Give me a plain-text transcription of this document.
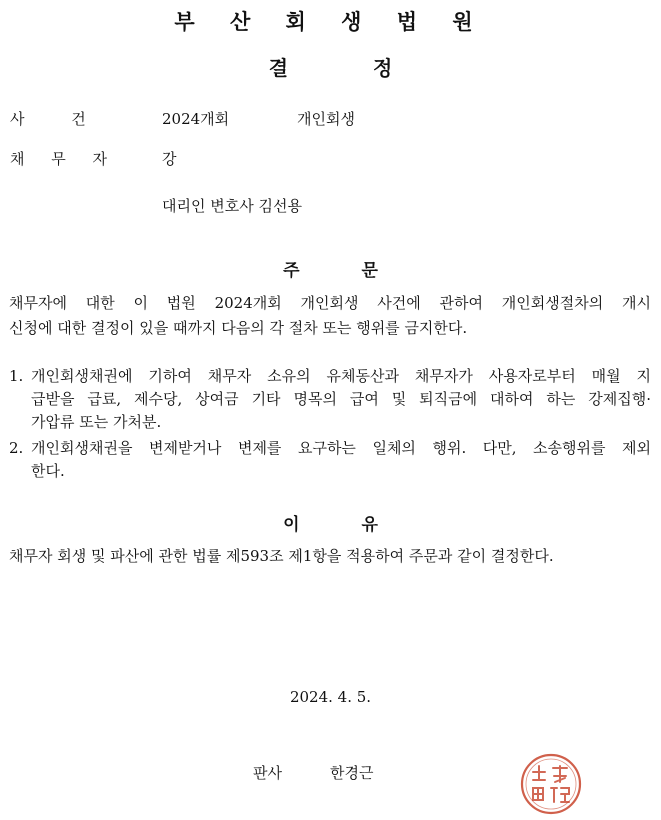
부 산 회 생 법 원
결 정
사 건	2024개회	개인회생
채 무 자	강
대리인 변호사 김선용
주 문
채무자에 대한 이 법원 2024개회 개인회생 사건에 관하여 개인회생절차의 개시
신청에 대한 결정이 있을 때까지 다음의 각 절차 또는 행위를 금지한다.
1. 개인회생채권에 기하여 채무자 소유의 유체동산과 채무자가 사용자로부터 매월 지
급받을 급료, 제수당, 상여금 기타 명목의 급여 및 퇴직금에 대하여 하는 강제집행·
가압류 또는 가처분.
2. 개인회생채권을 변제받거나 변제를 요구하는 일체의 행위. 다만, 소송행위를 제외
한다.
이 유
채무자 회생 및 파산에 관한 법률 제593조 제1항을 적용하여 주문과 같이 결정한다.
2024. 4. 5.
판사	한경근
